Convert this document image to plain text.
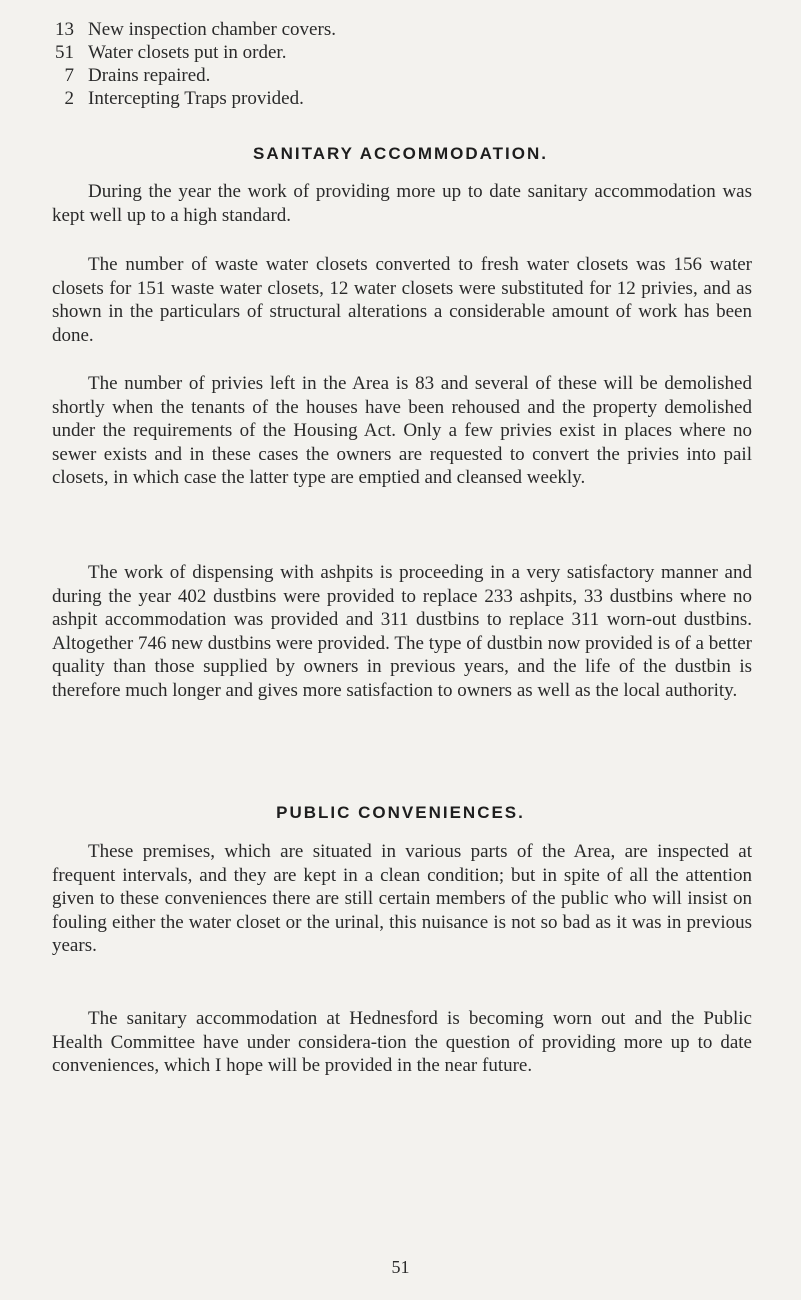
13 New inspection chamber covers.
51 Water closets put in order.
7 Drains repaired.
2 Intercepting Traps provided.
SANITARY ACCOMMODATION.

During the year the work of providing more up to date sanitary accommodation was kept well up to a high standard.

The number of waste water closets converted to fresh water closets was 156 water closets for 151 waste water closets, 12 water closets were substituted for 12 privies, and as shown in the particulars of structural alterations a considerable amount of work has been done.

The number of privies left in the Area is 83 and several of these will be demolished shortly when the tenants of the houses have been rehoused and the property demolished under the requirements of the Housing Act. Only a few privies exist in places where no sewer exists and in these cases the owners are requested to convert the privies into pail closets, in which case the latter type are emptied and cleansed weekly.

The work of dispensing with ashpits is proceeding in a very satisfactory manner and during the year 402 dustbins were provided to replace 233 ashpits, 33 dustbins where no ashpit accommodation was provided and 311 dustbins to replace 311 worn-out dustbins. Altogether 746 new dustbins were provided. The type of dustbin now provided is of a better quality than those supplied by owners in previous years, and the life of the dustbin is therefore much longer and gives more satisfaction to owners as well as the local authority.

PUBLIC CONVENIENCES.

These premises, which are situated in various parts of the Area, are inspected at frequent intervals, and they are kept in a clean condition; but in spite of all the attention given to these conveniences there are still certain members of the public who will insist on fouling either the water closet or the urinal, this nuisance is not so bad as it was in previous years.

The sanitary accommodation at Hednesford is becoming worn out and the Public Health Committee have under considera-tion the question of providing more up to date conveniences, which I hope will be provided in the near future.

51
